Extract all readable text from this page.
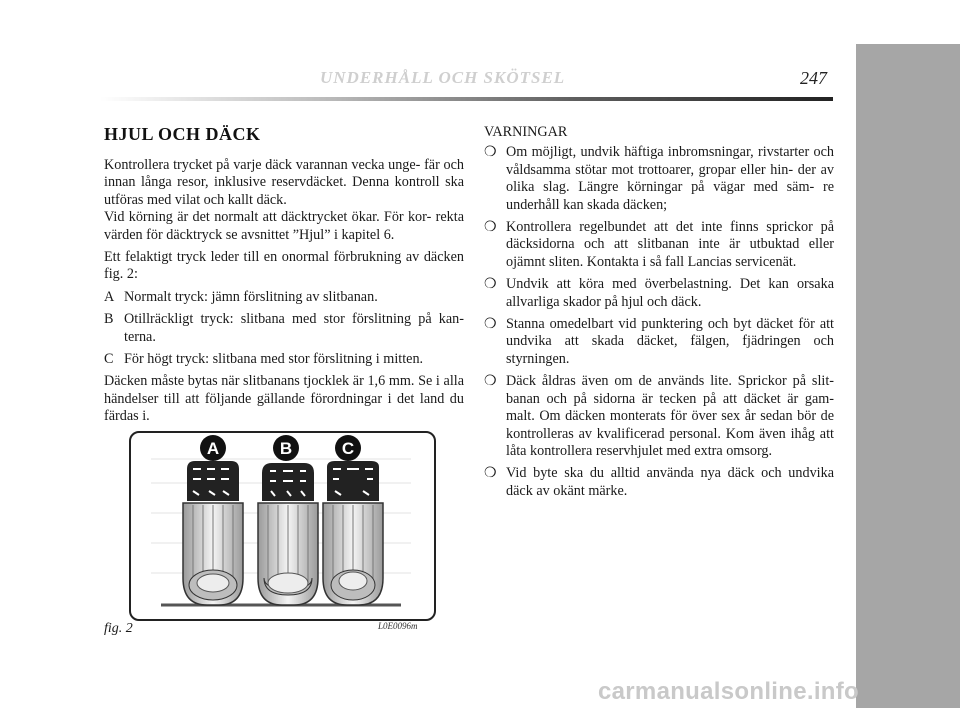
UNDERHÅLL OCH SKÖTSEL	247
HJUL OCH DÄCK

Kontrollera trycket på varje däck varannan vecka unge- fär och innan långa resor, inklusive reservdäcket. Denna kontroll ska utföras med vilat och kallt däck.

Vid körning är det normalt att däcktrycket ökar. För kor- rekta värden för däcktryck se avsnittet ”Hjul” i kapitel 6.

Ett felaktigt tryck leder till en onormal förbrukning av däcken fig. 2:

A Normalt tryck: jämn förslitning av slitbanan.
B Otillräckligt tryck: slitbana med stor förslitning på kan- terna.
C För högt tryck: slitbana med stor förslitning i mitten.

Däcken måste bytas när slitbanans tjocklek är 1,6 mm. Se i alla händelser till att följande gällande förordningar i det land du färdas i.

VARNINGAR

❍ Om möjligt, undvik häftiga inbromsningar, rivstarter och våldsamma stötar mot trottoarer, gropar eller hin- der av olika slag. Längre körningar på vägar med säm- re underhåll kan skada däcken;
❍ Kontrollera regelbundet att det inte finns sprickor på däcksidorna och att slitbanan inte är utbuktad eller ojämnt sliten. Kontakta i så fall Lancias servicenät.
❍ Undvik att köra med överbelastning. Det kan orsaka allvarliga skador på hjul och däck.
❍ Stanna omedelbart vid punktering och byt däcket för att undvika att skada däcket, fälgen, fjädringen och styrningen.
❍ Däck åldras även om de används lite. Sprickor på slit- banan och på sidorna är tecken på att däcket är gam- malt. Om däcken monterats för över sex år sedan bör de kontrolleras av kvalificerad personal. Kom även ihåg att låta kontrollera reservhjulet med extra omsorg.
❍ Vid byte ska du alltid använda nya däck och undvika däck av okänt märke.
A	B	C
fig. 2	L0E0096m
carmanualsonline.info
